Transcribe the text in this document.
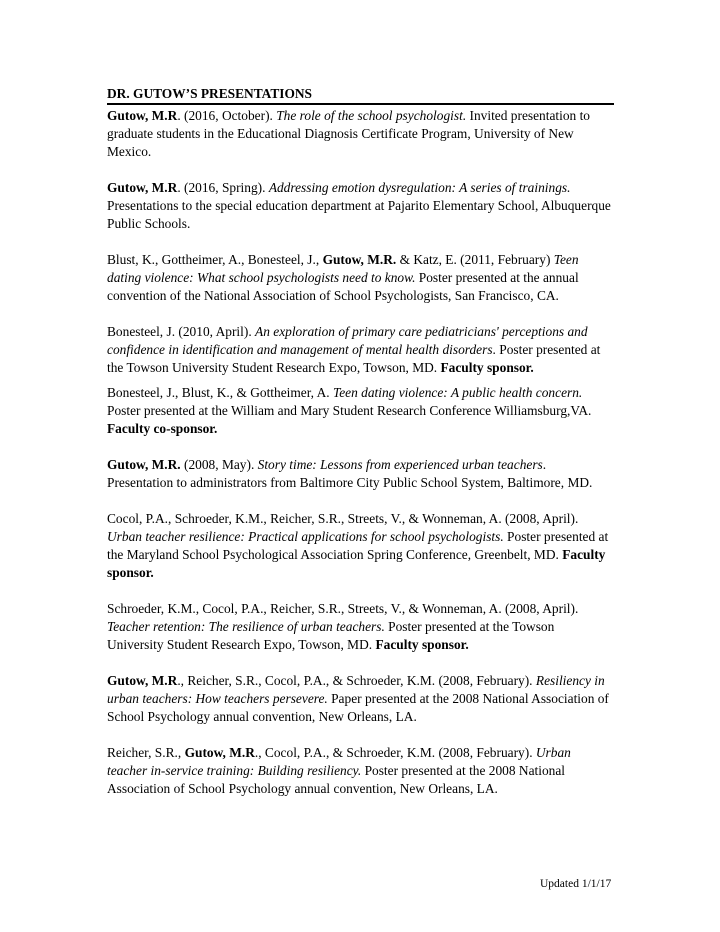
DR. GUTOW’S PRESENTATIONS

Gutow, M.R. (2016, October). The role of the school psychologist. Invited presentation to graduate students in the Educational Diagnosis Certificate Program, University of New Mexico.

Gutow, M.R. (2016, Spring). Addressing emotion dysregulation: A series of trainings. Presentations to the special education department at Pajarito Elementary School, Albuquerque Public Schools.

Blust, K., Gottheimer, A., Bonesteel, J., Gutow, M.R. & Katz, E. (2011, February) Teen dating violence: What school psychologists need to know. Poster presented at the annual convention of the National Association of School Psychologists, San Francisco, CA.

Bonesteel, J. (2010, April). An exploration of primary care pediatricians' perceptions and confidence in identification and management of mental health disorders. Poster presented at the Towson University Student Research Expo, Towson, MD. Faculty sponsor.

Bonesteel, J., Blust, K., & Gottheimer, A. Teen dating violence: A public health concern. Poster presented at the William and Mary Student Research Conference Williamsburg,VA. Faculty co-sponsor.

Gutow, M.R. (2008, May). Story time: Lessons from experienced urban teachers. Presentation to administrators from Baltimore City Public School System, Baltimore, MD.

Cocol, P.A., Schroeder, K.M., Reicher, S.R., Streets, V., & Wonneman, A. (2008, April). Urban teacher resilience: Practical applications for school psychologists. Poster presented at the Maryland School Psychological Association Spring Conference, Greenbelt, MD. Faculty sponsor.

Schroeder, K.M., Cocol, P.A., Reicher, S.R., Streets, V., & Wonneman, A. (2008, April). Teacher retention: The resilience of urban teachers. Poster presented at the Towson University Student Research Expo, Towson, MD. Faculty sponsor.

Gutow, M.R., Reicher, S.R., Cocol, P.A., & Schroeder, K.M. (2008, February). Resiliency in urban teachers: How teachers persevere. Paper presented at the 2008 National Association of School Psychology annual convention, New Orleans, LA.

Reicher, S.R., Gutow, M.R., Cocol, P.A., & Schroeder, K.M. (2008, February). Urban teacher in-service training: Building resiliency. Poster presented at the 2008 National Association of School Psychology annual convention, New Orleans, LA.

Updated 1/1/17
